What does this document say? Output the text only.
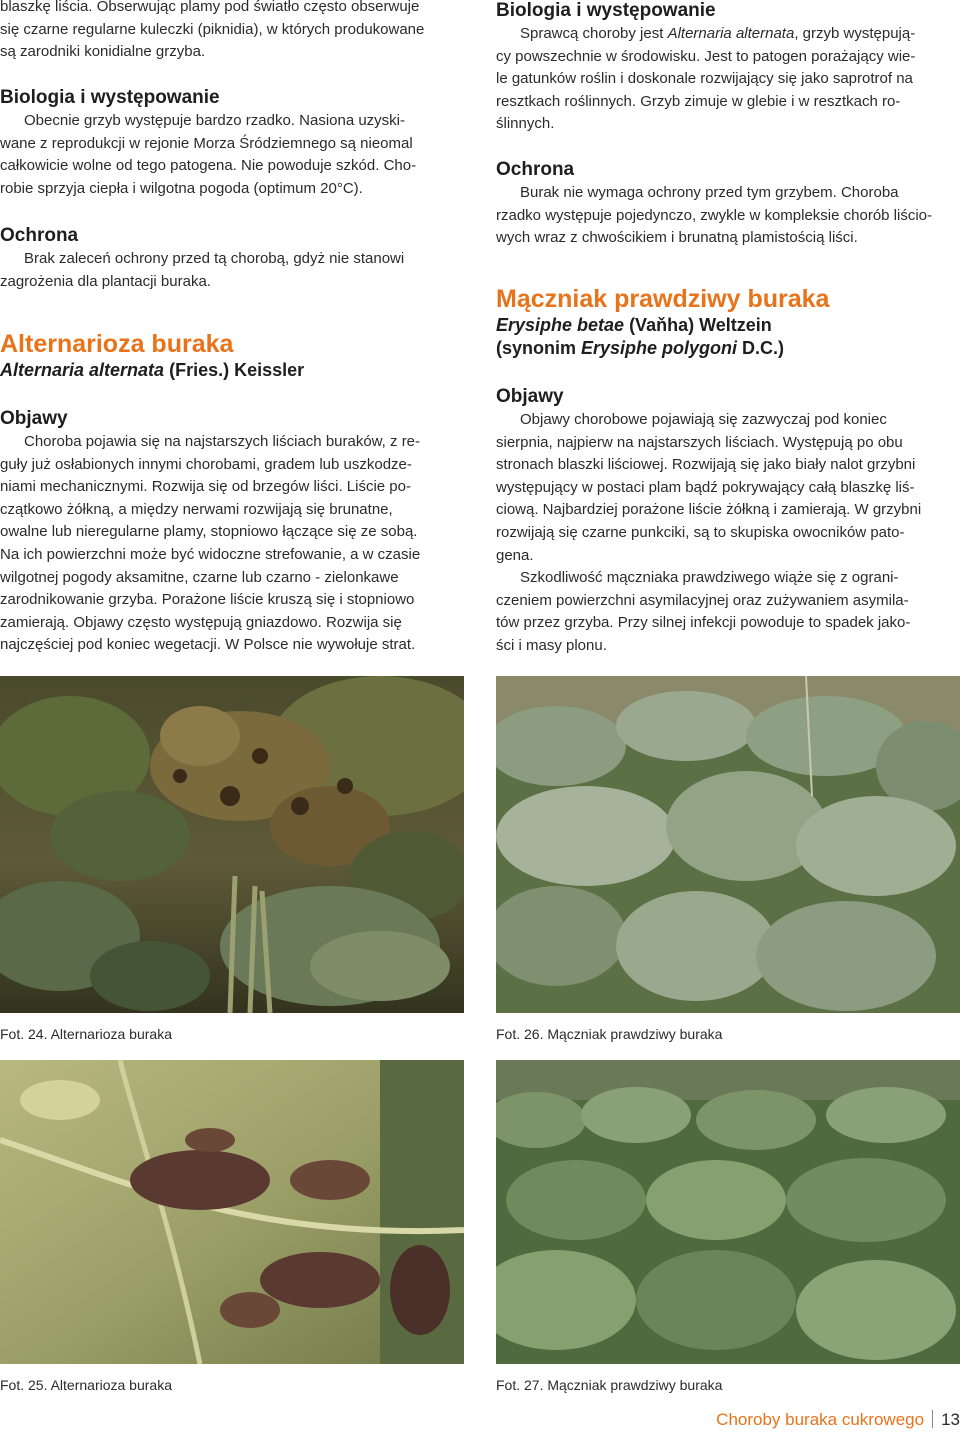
blaszkę liścia. Obserwując plamy pod światło często obserwuje

się czarne regularne kuleczki (piknidia), w których produkowane

są zarodniki konidialne grzyba.

Biologia i występowanie

Obecnie grzyb występuje bardzo rzadko. Nasiona uzyski-

wane z reprodukcji w rejonie Morza Śródziemnego są nieomal

całkowicie wolne od tego patogena. Nie powoduje szkód. Cho-

robie sprzyja ciepła i wilgotna pogoda (optimum 20°C).

Ochrona

Brak zaleceń ochrony przed tą chorobą, gdyż nie stanowi

zagrożenia dla plantacji buraka.

Alternarioza buraka
Alternaria alternata (Fries.) Keissler
Objawy

Choroba pojawia się na najstarszych liściach buraków, z re-

guły już osłabionych innymi chorobami, gradem lub uszkodze-

niami mechanicznymi. Rozwija się od brzegów liści. Liście po-

czątkowo żółkną, a między nerwami rozwijają się brunatne,

owalne lub nieregularne plamy, stopniowo łączące się ze sobą.

Na ich powierzchni może być widoczne strefowanie, a w czasie

wilgotnej pogody aksamitne, czarne lub czarno - zielonkawe

zarodnikowanie grzyba. Porażone liście kruszą się i stopniowo

zamierają. Objawy często występują gniazdowo. Rozwija się

najczęściej pod koniec wegetacji. W Polsce nie wywołuje strat.

Biologia i występowanie

Sprawcą choroby jest Alternaria alternata, grzyb występują-

cy powszechnie w środowisku. Jest to patogen porażający wie-

le gatunków roślin i doskonale rozwijający się jako saprotrof na

resztkach roślinnych. Grzyb zimuje w glebie i w resztkach ro-

ślinnych.

Ochrona

Burak nie wymaga ochrony przed tym grzybem. Choroba

rzadko występuje pojedynczo, zwykle w kompleksie chorób liścio-

wych wraz z chwościkiem i brunatną plamistością liści.

Mączniak prawdziwy buraka
Erysiphe betae (Vaňha) Weltzein
(synonim Erysiphe polygoni D.C.)
Objawy

Objawy chorobowe pojawiają się zazwyczaj pod koniec

sierpnia, najpierw na najstarszych liściach. Występują po obu

stronach blaszki liściowej. Rozwijają się jako biały nalot grzybni

występujący w postaci plam bądź pokrywający całą blaszkę liś-

ciową. Najbardziej porażone liście żółkną i zamierają. W grzybni

rozwijają się czarne punkciki, są to skupiska owocników pato-

gena.

Szkodliwość mączniaka prawdziwego wiąże się z ograni-

czeniem powierzchni asymilacyjnej oraz zużywaniem asymila-

tów przez grzyba. Przy silnej infekcji powoduje to spadek jako-

ści i masy plonu.

Fot. 24. Alternarioza buraka
Fot. 25. Alternarioza buraka
Fot. 26. Mączniak prawdziwy buraka
Fot. 27. Mączniak prawdziwy buraka
Choroby buraka cukrowego 13
